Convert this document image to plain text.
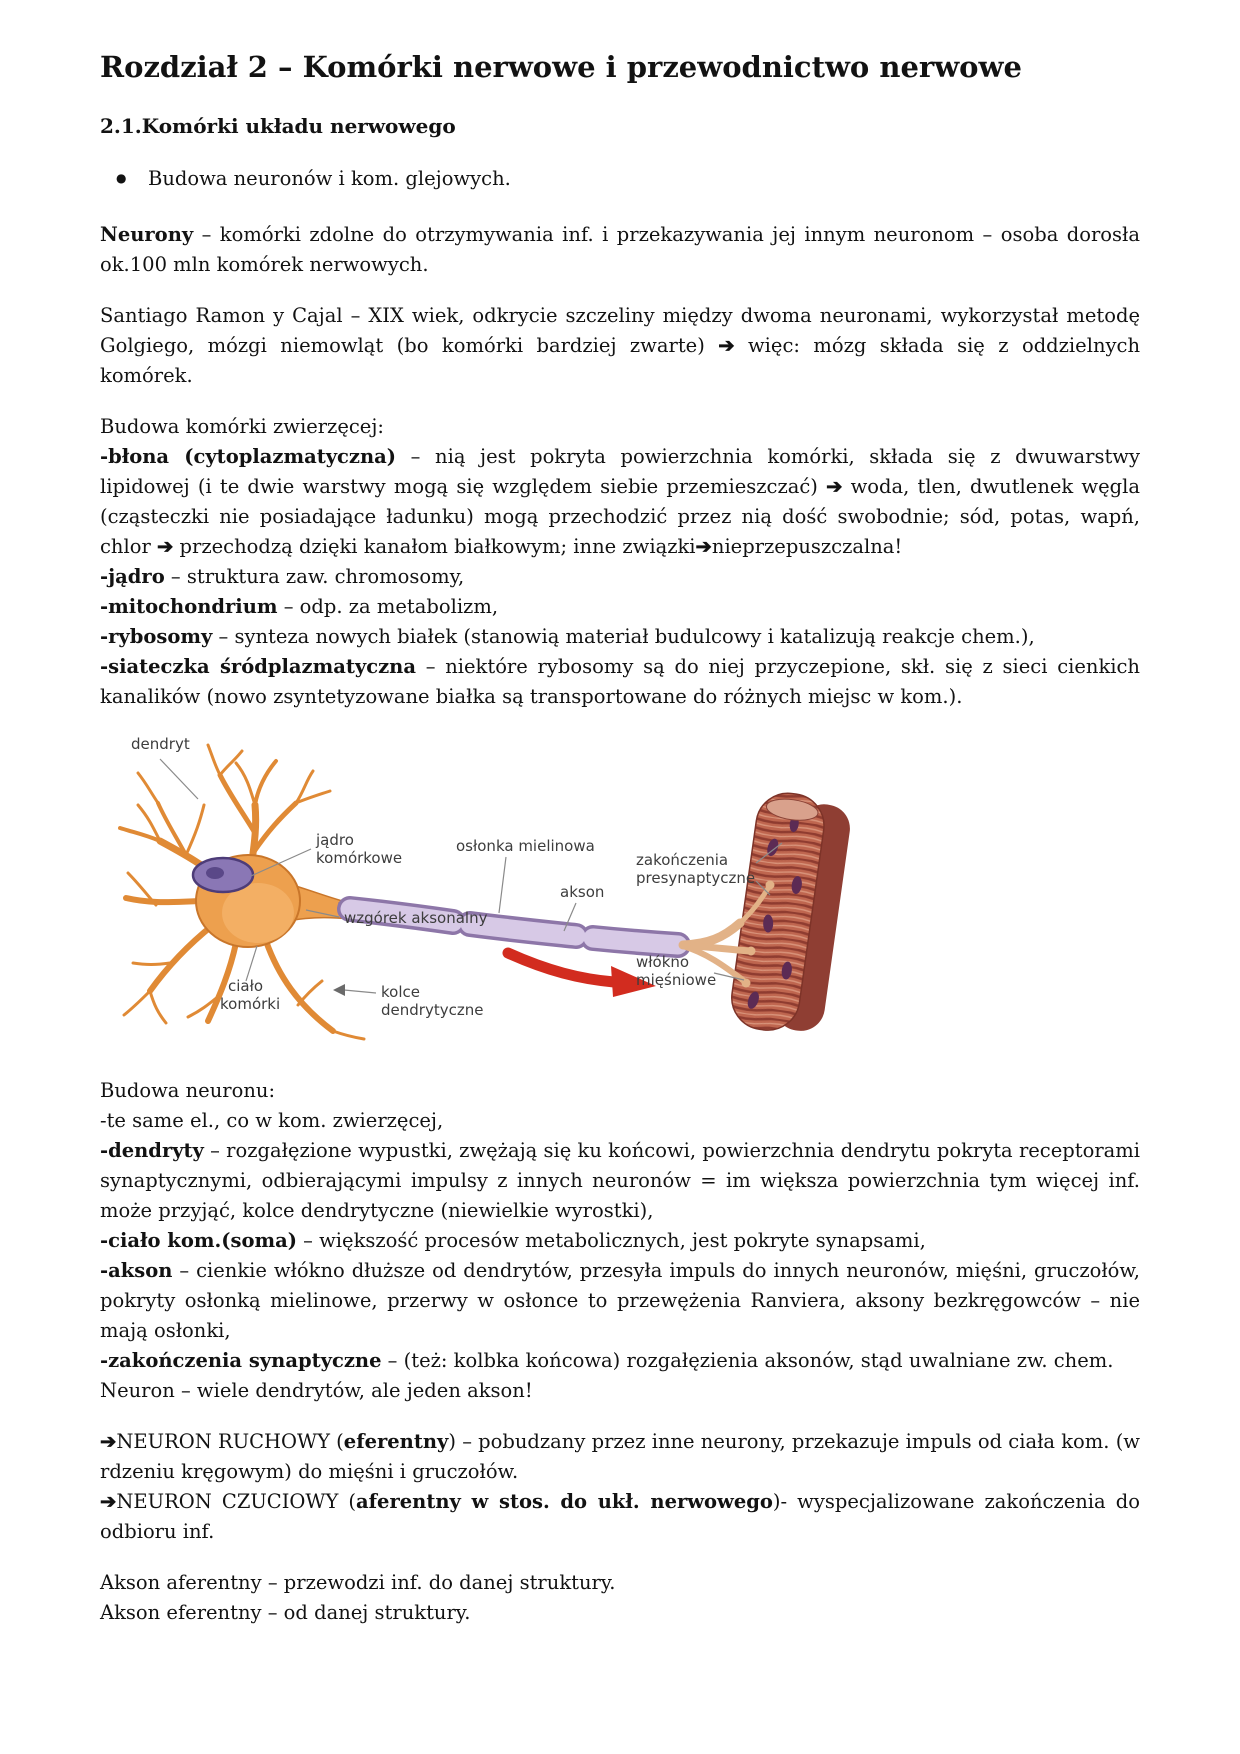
Rozdział 2 – Komórki nerwowe i przewodnictwo nerwowe
2.1.Komórki układu nerwowego
● Budowa neuronów i kom. glejowych.

Neurony – komórki zdolne do otrzymywania inf. i przekazywania jej innym neuronom – osoba dorosła ok.100 mln komórek nerwowych.

Santiago Ramon y Cajal – XIX wiek, odkrycie szczeliny między dwoma neuronami, wykorzystał metodę Golgiego, mózgi niemowląt (bo komórki bardziej zwarte) ➔ więc: mózg składa się z oddzielnych komórek.

Budowa komórki zwierzęcej:
-błona (cytoplazmatyczna) – nią jest pokryta powierzchnia komórki, składa się z dwuwarstwy lipidowej (i te dwie warstwy mogą się względem siebie przemieszczać) ➔ woda, tlen, dwutlenek węgla (cząsteczki nie posiadające ładunku) mogą przechodzić przez nią dość swobodnie; sód, potas, wapń, chlor ➔ przechodzą dzięki kanałom białkowym; inne związki➔nieprzepuszczalna!
-jądro – struktura zaw. chromosomy,
-mitochondrium – odp. za metabolizm,
-rybosomy – synteza nowych białek (stanowią materiał budulcowy i katalizują reakcje chem.),
-siateczka śródplazmatyczna – niektóre rybosomy są do niej przyczepione, skł. się z sieci cienkich kanalików (nowo zsyntetyzowane białka są transportowane do różnych miejsc w kom.).
dendryt
jądro
komórkowe
osłonka mielinowa
akson
zakończenia
presynaptyczne
wzgórek aksonalny
ciało
komórki
kolce
dendrytyczne
włókno
mięśniowe
Budowa neuronu:
-te same el., co w kom. zwierzęcej,
-dendryty – rozgałęzione wypustki, zwężają się ku końcowi, powierzchnia dendrytu pokryta receptorami synaptycznymi, odbierającymi impulsy z innych neuronów = im większa powierzchnia tym więcej inf. może przyjąć, kolce dendrytyczne (niewielkie wyrostki),
-ciało kom.(soma) – większość procesów metabolicznych, jest pokryte synapsami,
-akson – cienkie włókno dłuższe od dendrytów, przesyła impuls do innych neuronów, mięśni, gruczołów, pokryty osłonką mielinowe, przerwy w osłonce to przewężenia Ranviera, aksony bezkręgowców – nie mają osłonki,
-zakończenia synaptyczne – (też: kolbka końcowa) rozgałęzienia aksonów, stąd uwalniane zw. chem.
Neuron – wiele dendrytów, ale jeden akson!
➔NEURON RUCHOWY (eferentny) – pobudzany przez inne neurony, przekazuje impuls od ciała kom. (w rdzeniu kręgowym) do mięśni i gruczołów.
➔NEURON CZUCIOWY (aferentny w stos. do ukł. nerwowego)- wyspecjalizowane zakończenia do odbioru inf.
Akson aferentny – przewodzi inf. do danej struktury.
Akson eferentny – od danej struktury.
